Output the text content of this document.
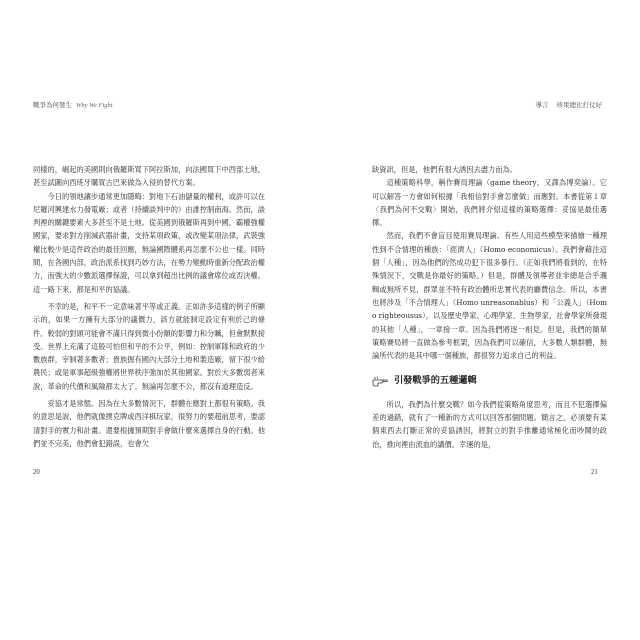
戰爭為何發生 Why We Fight

同樣的，崛起的美國則向俄羅斯買下阿拉斯加，向法國買下中西部土地，甚至試圖向西班牙購買古巴來做為入侵的替代方案。

今日的領地讓步通常更加隱晦：對地下石油儲量的權利，或許可以在尼羅河興建水力發電廠；或者（持續談判中的）由誰控制南海。然而，談判裡的關鍵要素大多甚至不是土地。從美國到俄羅斯再到中國，霸權強權國家，要求對方削減武器計畫，支持某項政策，或改變某項法律，武裝強權比較少是這件政治的最佳回應，無論國際體系再怎麼不公也一樣。同時間，在各國內部，政治派系找到巧妙方法，在勢力變動時重新分配政治權力，而強大的少數派選擇保證，可以拿到超出比例的議會席位或否決權。這一路下來，都是和平的協議。

不幸的是，和平不一定意味著平等或正義。正如許多這樣的例子所顯示的，如果一方擁有大部分的議價力，該方就能制定設定有利於己的條件。較弱的對頭可能會不滿只得到微小份額的影響力和分贓，但會默默接受。世界上充滿了這般可怕但和平的不公平，例如：控制軍隊和政府的少數族群，宰制著多數者；貴族握有國內大部分土地和製造廠，留下很少給農民；或是軍事超級強權將世界秩序強加於其他國家。對於大多數弱者來說，革命的代價和風險都太大了。無論再怎麼不公，都沒有道理造反。

妥協才是常態。因為在大多數情況下，群體在應對上都很有策略。我的意思是說，他們就像撲克牌或西洋棋玩家，很努力的要超前思考，要認清對手的實力和計畫。還要根據預期對手會做什麼來選擇自身的行動。他們並不完美，他們會犯錯誤，也會欠

20
導言 珍果總比打仗好

缺資訊，但是，他們有很大誘因去盡力而為。

這種策略科學，稱作賽局理論（game theory，又譯為博奕論）。它可以解答一方會如何根據「我相信對手會怎麼做」而應對。本書從第１章〈我們為何不交戰〉開始，我們將介紹這樣的策略選擇：妥協是最佳選擇。

然而，我們不會盲目使用賽局理論。有些人用這些模型來描繪一種理性到不合情理的種族：「經濟人」（Homo economicus）。我們會藉注這個「人種」，因為他們的然成功犯下很多暴行。（正如我們將看到的，在特殊情況下，交戰是你最好的策略。）但是，群體及領導者並非總是合乎邏輯或無所不見，群眾並不特有政治體所忠實代表的廳費信念。所以，本書也將涉及「不合情理人」（Homo unreasonablus）和「公義人」（Homo righteousus），以及歷史學家、心理學家、生物學家，社會學家所發現的其他「人種」，一章接一章。因為我們將逐一相見。但是，我們的簡單策略賽局將一直做為參考框架，因為我們可以確信，大多數人類群體，無論所代表的是其中哪一個種族，都很努力追求自己的利益。

引發戰爭的五種邏輯

所以，我們為什麼交戰？如今我們從策略角度思考，而且不犯選擇偏差的過錯，就有了一種新的方式可以回答那個問題。簡言之，必須要有某個東西去打斷正常的妥協誘因，將對立的對手推離通常極化而吵鬧的政治，推向裡由流血的講價。幸運的是，

21
